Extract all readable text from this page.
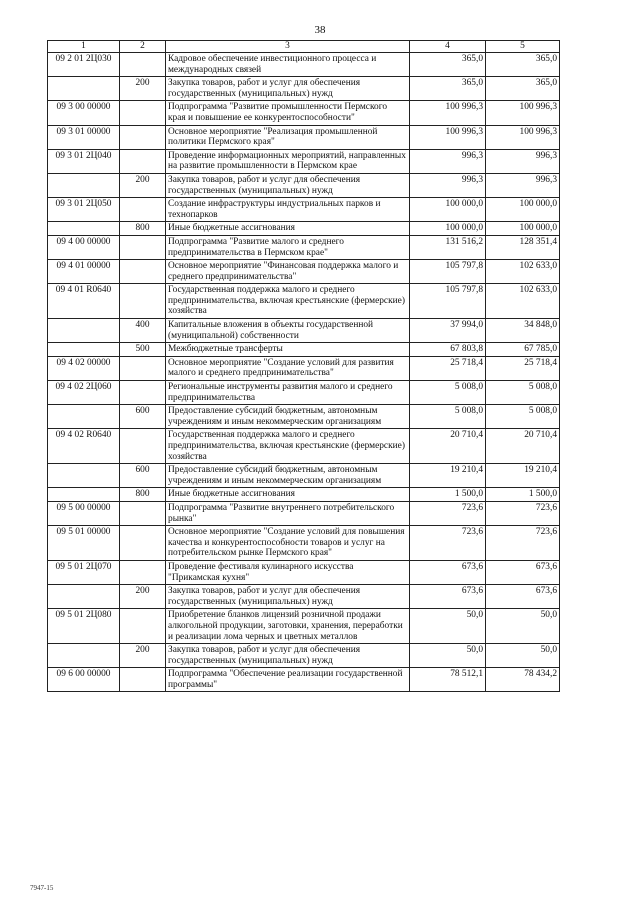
38
1	2	3	4	5
09 2 01 2Ц030		Кадровое обеспечение инвестиционного процесса и международных связей	365,0	365,0
	200	Закупка товаров, работ и услуг для обеспечения государственных (муниципальных) нужд	365,0	365,0
09 3 00 00000		Подпрограмма "Развитие промышленности Пермского края и повышение ее конкурентоспособности"	100 996,3	100 996,3
09 3 01 00000		Основное мероприятие "Реализация промышленной политики Пермского края"	100 996,3	100 996,3
09 3 01 2Ц040		Проведение информационных мероприятий, направленных на развитие промышленности в Пермском крае	996,3	996,3
	200	Закупка товаров, работ и услуг для обеспечения государственных (муниципальных) нужд	996,3	996,3
09 3 01 2Ц050		Создание инфраструктуры индустриальных парков и технопарков	100 000,0	100 000,0
	800	Иные бюджетные ассигнования	100 000,0	100 000,0
09 4 00 00000		Подпрограмма "Развитие малого и среднего предпринимательства в Пермском крае"	131 516,2	128 351,4
09 4 01 00000		Основное мероприятие "Финансовая поддержка малого и среднего предпринимательства"	105 797,8	102 633,0
09 4 01 R0640		Государственная поддержка малого и среднего предпринимательства, включая крестьянские (фермерские) хозяйства	105 797,8	102 633,0
	400	Капитальные вложения в объекты государственной (муниципальной) собственности	37 994,0	34 848,0
	500	Межбюджетные трансферты	67 803,8	67 785,0
09 4 02 00000		Основное мероприятие "Создание условий для развития малого и среднего предпринимательства"	25 718,4	25 718,4
09 4 02 2Ц060		Региональные инструменты развития малого и среднего предпринимательства	5 008,0	5 008,0
	600	Предоставление субсидий бюджетным, автономным учреждениям и иным некоммерческим организациям	5 008,0	5 008,0
09 4 02 R0640		Государственная поддержка малого и среднего предпринимательства, включая крестьянские (фермерские) хозяйства	20 710,4	20 710,4
	600	Предоставление субсидий бюджетным, автономным учреждениям и иным некоммерческим организациям	19 210,4	19 210,4
	800	Иные бюджетные ассигнования	1 500,0	1 500,0
09 5 00 00000		Подпрограмма "Развитие внутреннего потребительского рынка"	723,6	723,6
09 5 01 00000		Основное мероприятие "Создание условий для повышения качества и конкурентоспособности товаров и услуг на потребительском рынке Пермского края"	723,6	723,6
09 5 01 2Ц070		Проведение фестиваля кулинарного искусства "Прикамская кухня"	673,6	673,6
	200	Закупка товаров, работ и услуг для обеспечения государственных (муниципальных) нужд	673,6	673,6
09 5 01 2Ц080		Приобретение бланков лицензий розничной продажи алкогольной продукции, заготовки, хранения, переработки и реализации лома черных и цветных металлов	50,0	50,0
	200	Закупка товаров, работ и услуг для обеспечения государственных (муниципальных) нужд	50,0	50,0
09 6 00 00000		Подпрограмма "Обеспечение реализации государственной программы"	78 512,1	78 434,2
7947-15
